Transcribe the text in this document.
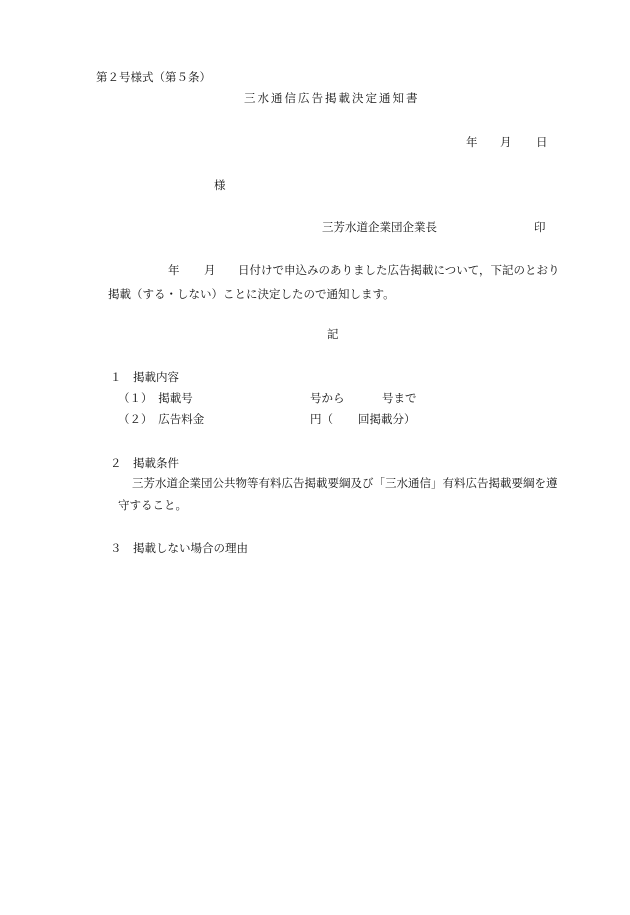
第２号様式（第５条）
三水通信広告掲載決定通知書
年 月 日
様
三芳水道企業団企業長	印
年 月 日付けで申込みのありました広告掲載について，下記のとおり
掲載（する・しない）ことに決定したので通知します。
記
１　掲載内容
（１）　掲載号	号から	号まで
（２）　広告料金	円（ 回掲載分）
２　掲載条件
三芳水道企業団公共物等有料広告掲載要綱及び「三水通信」有料広告掲載要綱を遵
守すること。
３　掲載しない場合の理由
